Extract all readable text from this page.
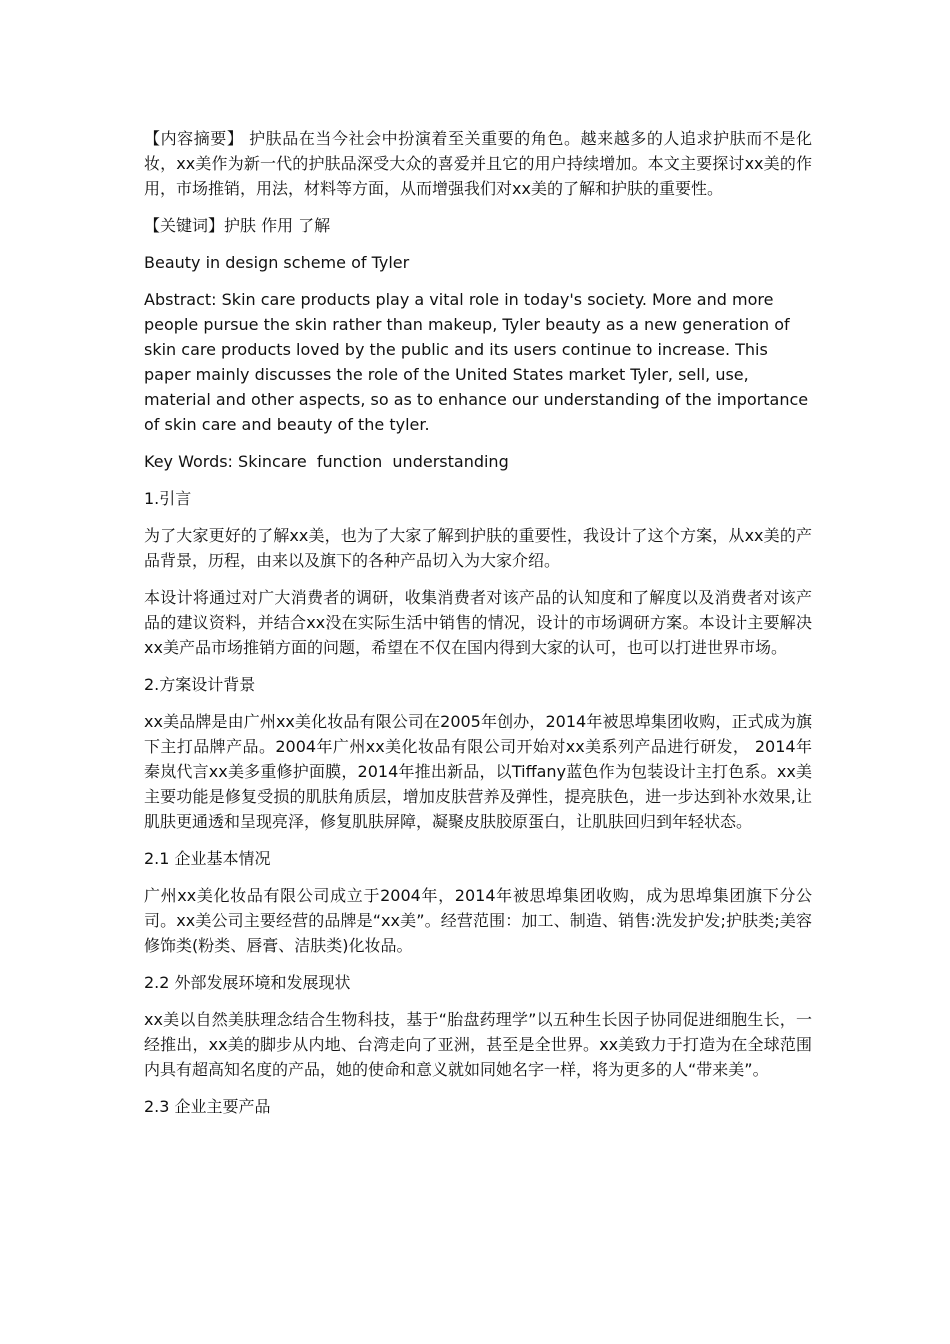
【内容摘要】 护肤品在当今社会中扮演着至关重要的角色。越来越多的人追求护肤而不是化妆，xx美作为新一代的护肤品深受大众的喜爱并且它的用户持续增加。本文主要探讨xx美的作用，市场推销，用法，材料等方面，从而增强我们对xx美的了解和护肤的重要性。

【关键词】护肤 作用 了解

Beauty in design scheme of Tyler

Abstract: Skin care products play a vital role in today's society. More and more people pursue the skin rather than makeup, Tyler beauty as a new generation of skin care products loved by the public and its users continue to increase. This paper mainly discusses the role of the United States market Tyler, sell, use, material and other aspects, so as to enhance our understanding of the importance of skin care and beauty of the tyler.

Key Words: Skincare  function  understanding

1.引言

为了大家更好的了解xx美，也为了大家了解到护肤的重要性，我设计了这个方案，从xx美的产品背景，历程，由来以及旗下的各种产品切入为大家介绍。

本设计将通过对广大消费者的调研，收集消费者对该产品的认知度和了解度以及消费者对该产品的建议资料，并结合xx没在实际生活中销售的情况，设计的市场调研方案。本设计主要解决xx美产品市场推销方面的问题，希望在不仅在国内得到大家的认可，也可以打进世界市场。

2.方案设计背景

xx美品牌是由广州xx美化妆品有限公司在2005年创办，2014年被思埠集团收购，正式成为旗下主打品牌产品。2004年广州xx美化妆品有限公司开始对xx美系列产品进行研发， 2014年秦岚代言xx美多重修护面膜，2014年推出新品，以Tiffany蓝色作为包装设计主打色系。xx美主要功能是修复受损的肌肤角质层，增加皮肤营养及弹性，提亮肤色，进一步达到补水效果,让肌肤更通透和呈现亮泽，修复肌肤屏障，凝聚皮肤胶原蛋白，让肌肤回归到年轻状态。

2.1 企业基本情况

广州xx美化妆品有限公司成立于2004年，2014年被思埠集团收购，成为思埠集团旗下分公司。xx美公司主要经营的品牌是“xx美”。经营范围：加工、制造、销售:洗发护发;护肤类;美容修饰类(粉类、唇膏、洁肤类)化妆品。

2.2 外部发展环境和发展现状

xx美以自然美肤理念结合生物科技，基于“胎盘药理学”以五种生长因子协同促进细胞生长，一经推出，xx美的脚步从内地、台湾走向了亚洲，甚至是全世界。xx美致力于打造为在全球范围内具有超高知名度的产品，她的使命和意义就如同她名字一样，将为更多的人“带来美”。

2.3 企业主要产品
